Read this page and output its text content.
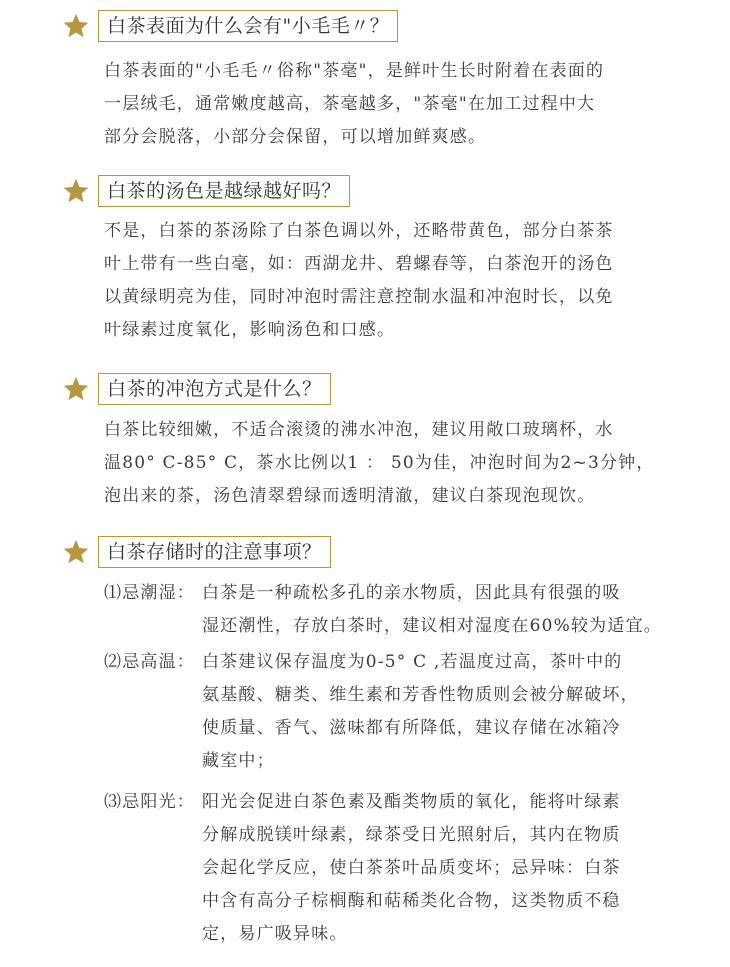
白茶表面为什么会有"小毛毛〃？
白茶表面的"小毛毛〃俗称"茶毫"，是鲜叶生长时附着在表面的
一层绒毛，通常嫩度越高，茶毫越多，"茶毫"在加工过程中大
部分会脱落，小部分会保留，可以增加鲜爽感。
白茶的汤色是越绿越好吗？
不是，白茶的茶汤除了白茶色调以外，还略带黄色，部分白茶茶
叶上带有一些白毫，如：西湖龙井、碧螺春等，白茶泡开的汤色
以黄绿明亮为佳，同时冲泡时需注意控制水温和冲泡时长，以免
叶绿素过度氧化，影响汤色和口感。
白茶的冲泡方式是什么？
白茶比较细嫩，不适合滚烫的沸水冲泡，建议用敞口玻璃杯，水
温80° C-85° C，茶水比例以1 ： 50为佳，冲泡时间为2~3分钟，
泡出来的茶，汤色清翠碧绿而透明清澈，建议白茶现泡现饮。
白茶存储时的注意事项？
⑴忌潮湿： 白茶是一种疏松多孔的亲水物质，因此具有很强的吸
湿还潮性，存放白茶时，建议相对湿度在60%较为适宜。
⑵忌高温： 白茶建议保存温度为0-5° C ,若温度过高，茶叶中的
氨基酸、糖类、维生素和芳香性物质则会被分解破坏，
使质量、香气、滋味都有所降低，建议存储在冰箱冷
藏室中；
⑶忌阳光： 阳光会促进白茶色素及酯类物质的氧化，能将叶绿素
分解成脱镁叶绿素，绿茶受日光照射后，其内在物质
会起化学反应，使白茶茶叶品质变坏；忌异味：白茶
中含有高分子棕榈酶和萜稀类化合物，这类物质不稳
定，易广吸异味。
